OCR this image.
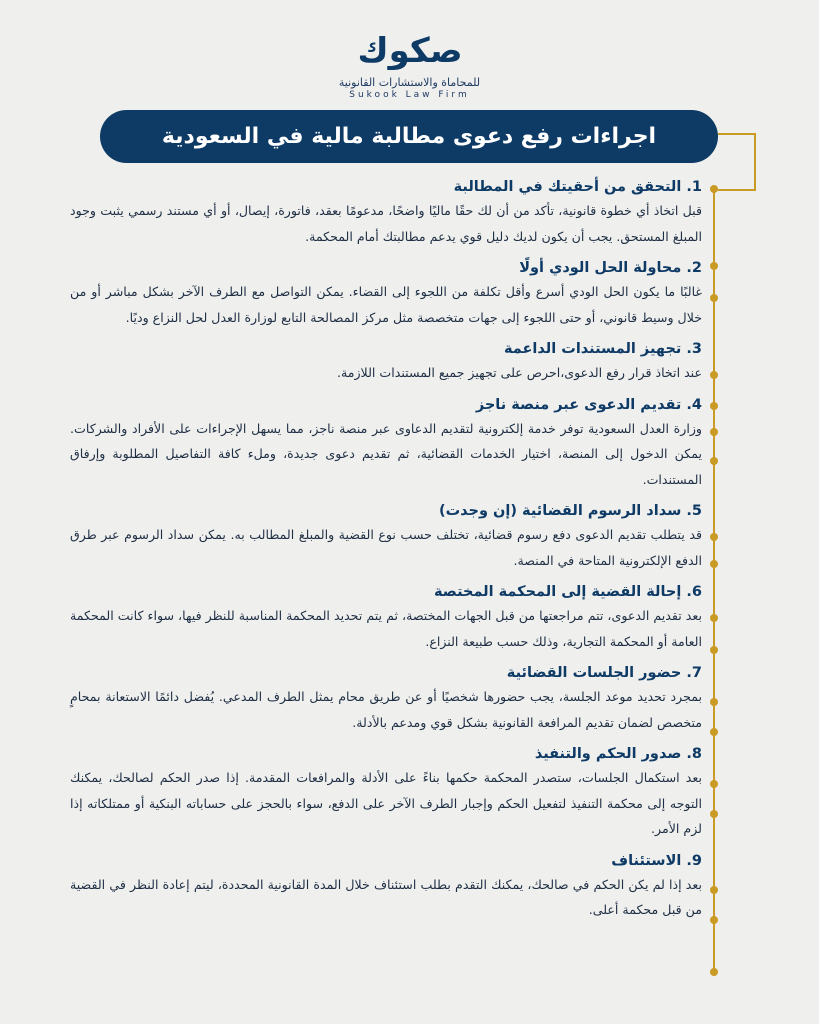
صكوك
للمحاماة والاستشارات القانونية
Sukook Law Firm
اجراءات رفع دعوى مطالبة مالية في السعودية
1. التحقق من أحقيتك في المطالبة
قبل اتخاذ أي خطوة قانونية، تأكد من أن لك حقًا ماليًا واضحًا، مدعومًا بعقد، فاتورة، إيصال، أو أي مستند رسمي يثبت وجود المبلغ المستحق. يجب أن يكون لديك دليل قوي يدعم مطالبتك أمام المحكمة.
2. محاولة الحل الودي أولًا
غالبًا ما يكون الحل الودي أسرع وأقل تكلفة من اللجوء إلى القضاء. يمكن التواصل مع الطرف الآخر بشكل مباشر أو من خلال وسيط قانوني، أو حتى اللجوء إلى جهات متخصصة مثل مركز المصالحة التابع لوزارة العدل لحل النزاع وديًا.
3. تجهيز المستندات الداعمة
عند اتخاذ قرار رفع الدعوى،احرص على تجهيز جميع المستندات اللازمة.
4. تقديم الدعوى عبر منصة ناجز
وزارة العدل السعودية توفر خدمة إلكترونية لتقديم الدعاوى عبر منصة ناجز، مما يسهل الإجراءات على الأفراد والشركات. يمكن الدخول إلى المنصة، اختيار الخدمات القضائية، ثم تقديم دعوى جديدة، وملء كافة التفاصيل المطلوبة وإرفاق المستندات.
5. سداد الرسوم القضائية (إن وجدت)
قد يتطلب تقديم الدعوى دفع رسوم قضائية، تختلف حسب نوع القضية والمبلغ المطالب به. يمكن سداد الرسوم عبر طرق الدفع الإلكترونية المتاحة في المنصة.
6. إحالة القضية إلى المحكمة المختصة
بعد تقديم الدعوى، تتم مراجعتها من قبل الجهات المختصة، ثم يتم تحديد المحكمة المناسبة للنظر فيها، سواء كانت المحكمة العامة أو المحكمة التجارية، وذلك حسب طبيعة النزاع.
7. حضور الجلسات القضائية
بمجرد تحديد موعد الجلسة، يجب حضورها شخصيًا أو عن طريق محام يمثل الطرف المدعي. يُفضل دائمًا الاستعانة بمحامٍ متخصص لضمان تقديم المرافعة القانونية بشكل قوي ومدعم بالأدلة.
8. صدور الحكم والتنفيذ
بعد استكمال الجلسات، ستصدر المحكمة حكمها بناءً على الأدلة والمرافعات المقدمة. إذا صدر الحكم لصالحك، يمكنك التوجه إلى محكمة التنفيذ لتفعيل الحكم وإجبار الطرف الآخر على الدفع، سواء بالحجز على حساباته البنكية أو ممتلكاته إذا لزم الأمر.
9. الاستئناف
بعد إذا لم يكن الحكم في صالحك، يمكنك التقدم بطلب استئناف خلال المدة القانونية المحددة، ليتم إعادة النظر في القضية من قبل محكمة أعلى.
